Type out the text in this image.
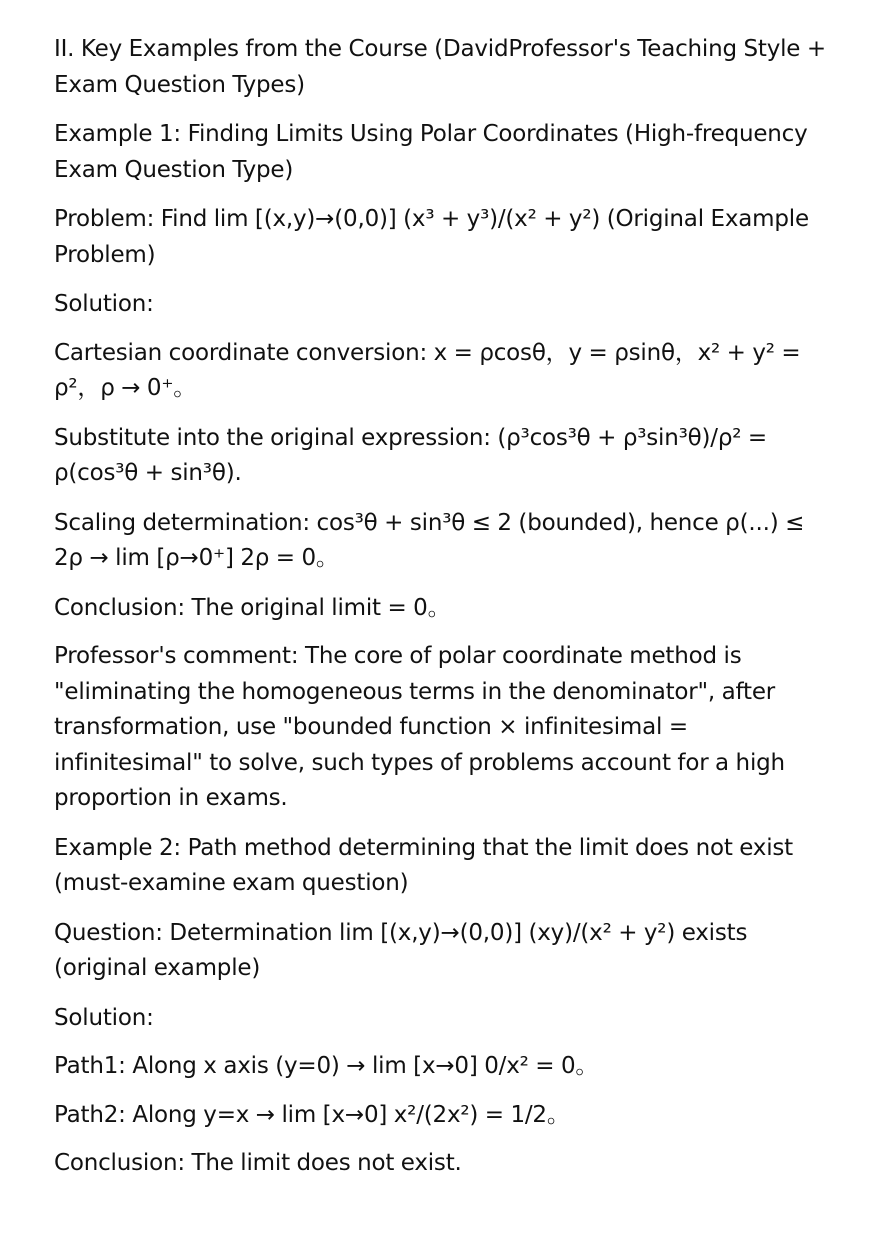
II. Key Examples from the Course (DavidProfessor's Teaching Style + Exam Question Types)

Example 1: Finding Limits Using Polar Coordinates (High-frequency Exam Question Type)

Problem: Find lim [(x,y)→(0,0)] (x³ + y³)/(x² + y²) (Original Example Problem)

Solution:

Cartesian coordinate conversion: x = ρcosθ，y = ρsinθ，x² + y² = ρ²，ρ → 0⁺。

Substitute into the original expression: (ρ³cos³θ + ρ³sin³θ)/ρ² = ρ(cos³θ + sin³θ).

Scaling determination: cos³θ + sin³θ ≤ 2 (bounded), hence ρ(...) ≤ 2ρ → lim [ρ→0⁺] 2ρ = 0。

Conclusion: The original limit = 0。

Professor's comment: The core of polar coordinate method is "eliminating the homogeneous terms in the denominator", after transformation, use "bounded function × infinitesimal = infinitesimal" to solve, such types of problems account for a high proportion in exams.

Example 2: Path method determining that the limit does not exist (must-examine exam question)

Question: Determination lim [(x,y)→(0,0)] (xy)/(x² + y²) exists (original example)

Solution:

Path1: Along x axis (y=0) → lim [x→0] 0/x² = 0。

Path2: Along y=x → lim [x→0] x²/(2x²) = 1/2。

Conclusion: The limit does not exist.
